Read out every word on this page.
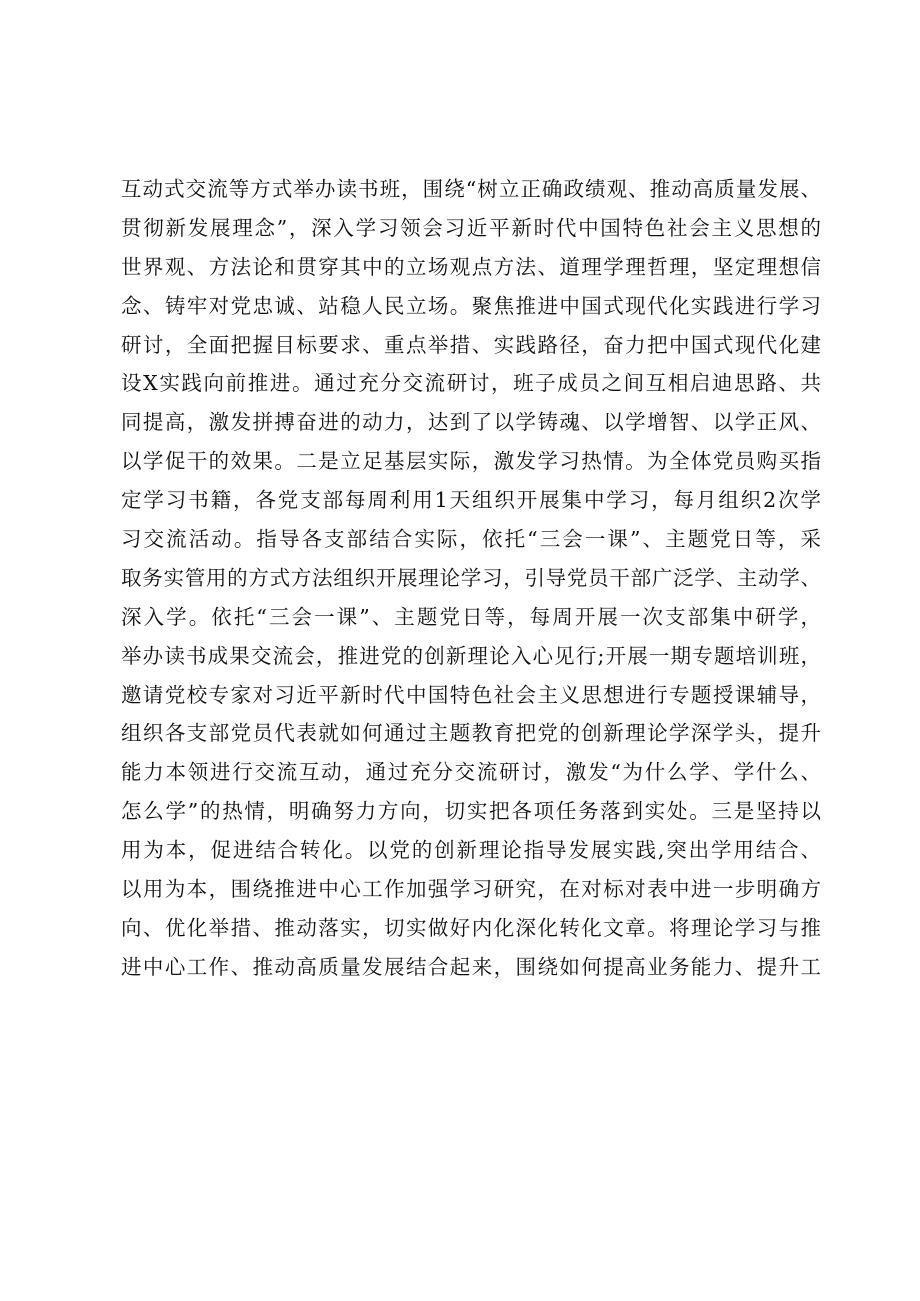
互动式交流等方式举办读书班，围绕“树立正确政绩观、推动高质量发展、
贯彻新发展理念”，深入学习领会习近平新时代中国特色社会主义思想的
世界观、方法论和贯穿其中的立场观点方法、道理学理哲理，坚定理想信
念、铸牢对党忠诚、站稳人民立场。聚焦推进中国式现代化实践进行学习
研讨，全面把握目标要求、重点举措、实践路径，奋力把中国式现代化建
设X实践向前推进。通过充分交流研讨，班子成员之间互相启迪思路、共
同提高，激发拼搏奋进的动力，达到了以学铸魂、以学增智、以学正风、
以学促干的效果。二是立足基层实际，激发学习热情。为全体党员购买指
定学习书籍，各党支部每周利用1天组织开展集中学习，每月组织2次学
习交流活动。指导各支部结合实际，依托“三会一课”、主题党日等，采
取务实管用的方式方法组织开展理论学习，引导党员干部广泛学、主动学、
深入学。依托“三会一课”、主题党日等，每周开展一次支部集中研学，
举办读书成果交流会，推进党的创新理论入心见行;开展一期专题培训班，
邀请党校专家对习近平新时代中国特色社会主义思想进行专题授课辅导，
组织各支部党员代表就如何通过主题教育把党的创新理论学深学头，提升
能力本领进行交流互动，通过充分交流研讨，激发“为什么学、学什么、
怎么学”的热情，明确努力方向，切实把各项任务落到实处。三是坚持以
用为本，促进结合转化。以党的创新理论指导发展实践,突出学用结合、
以用为本，围绕推进中心工作加强学习研究，在对标对表中进一步明确方
向、优化举措、推动落实，切实做好内化深化转化文章。将理论学习与推
进中心工作、推动高质量发展结合起来，围绕如何提高业务能力、提升工
